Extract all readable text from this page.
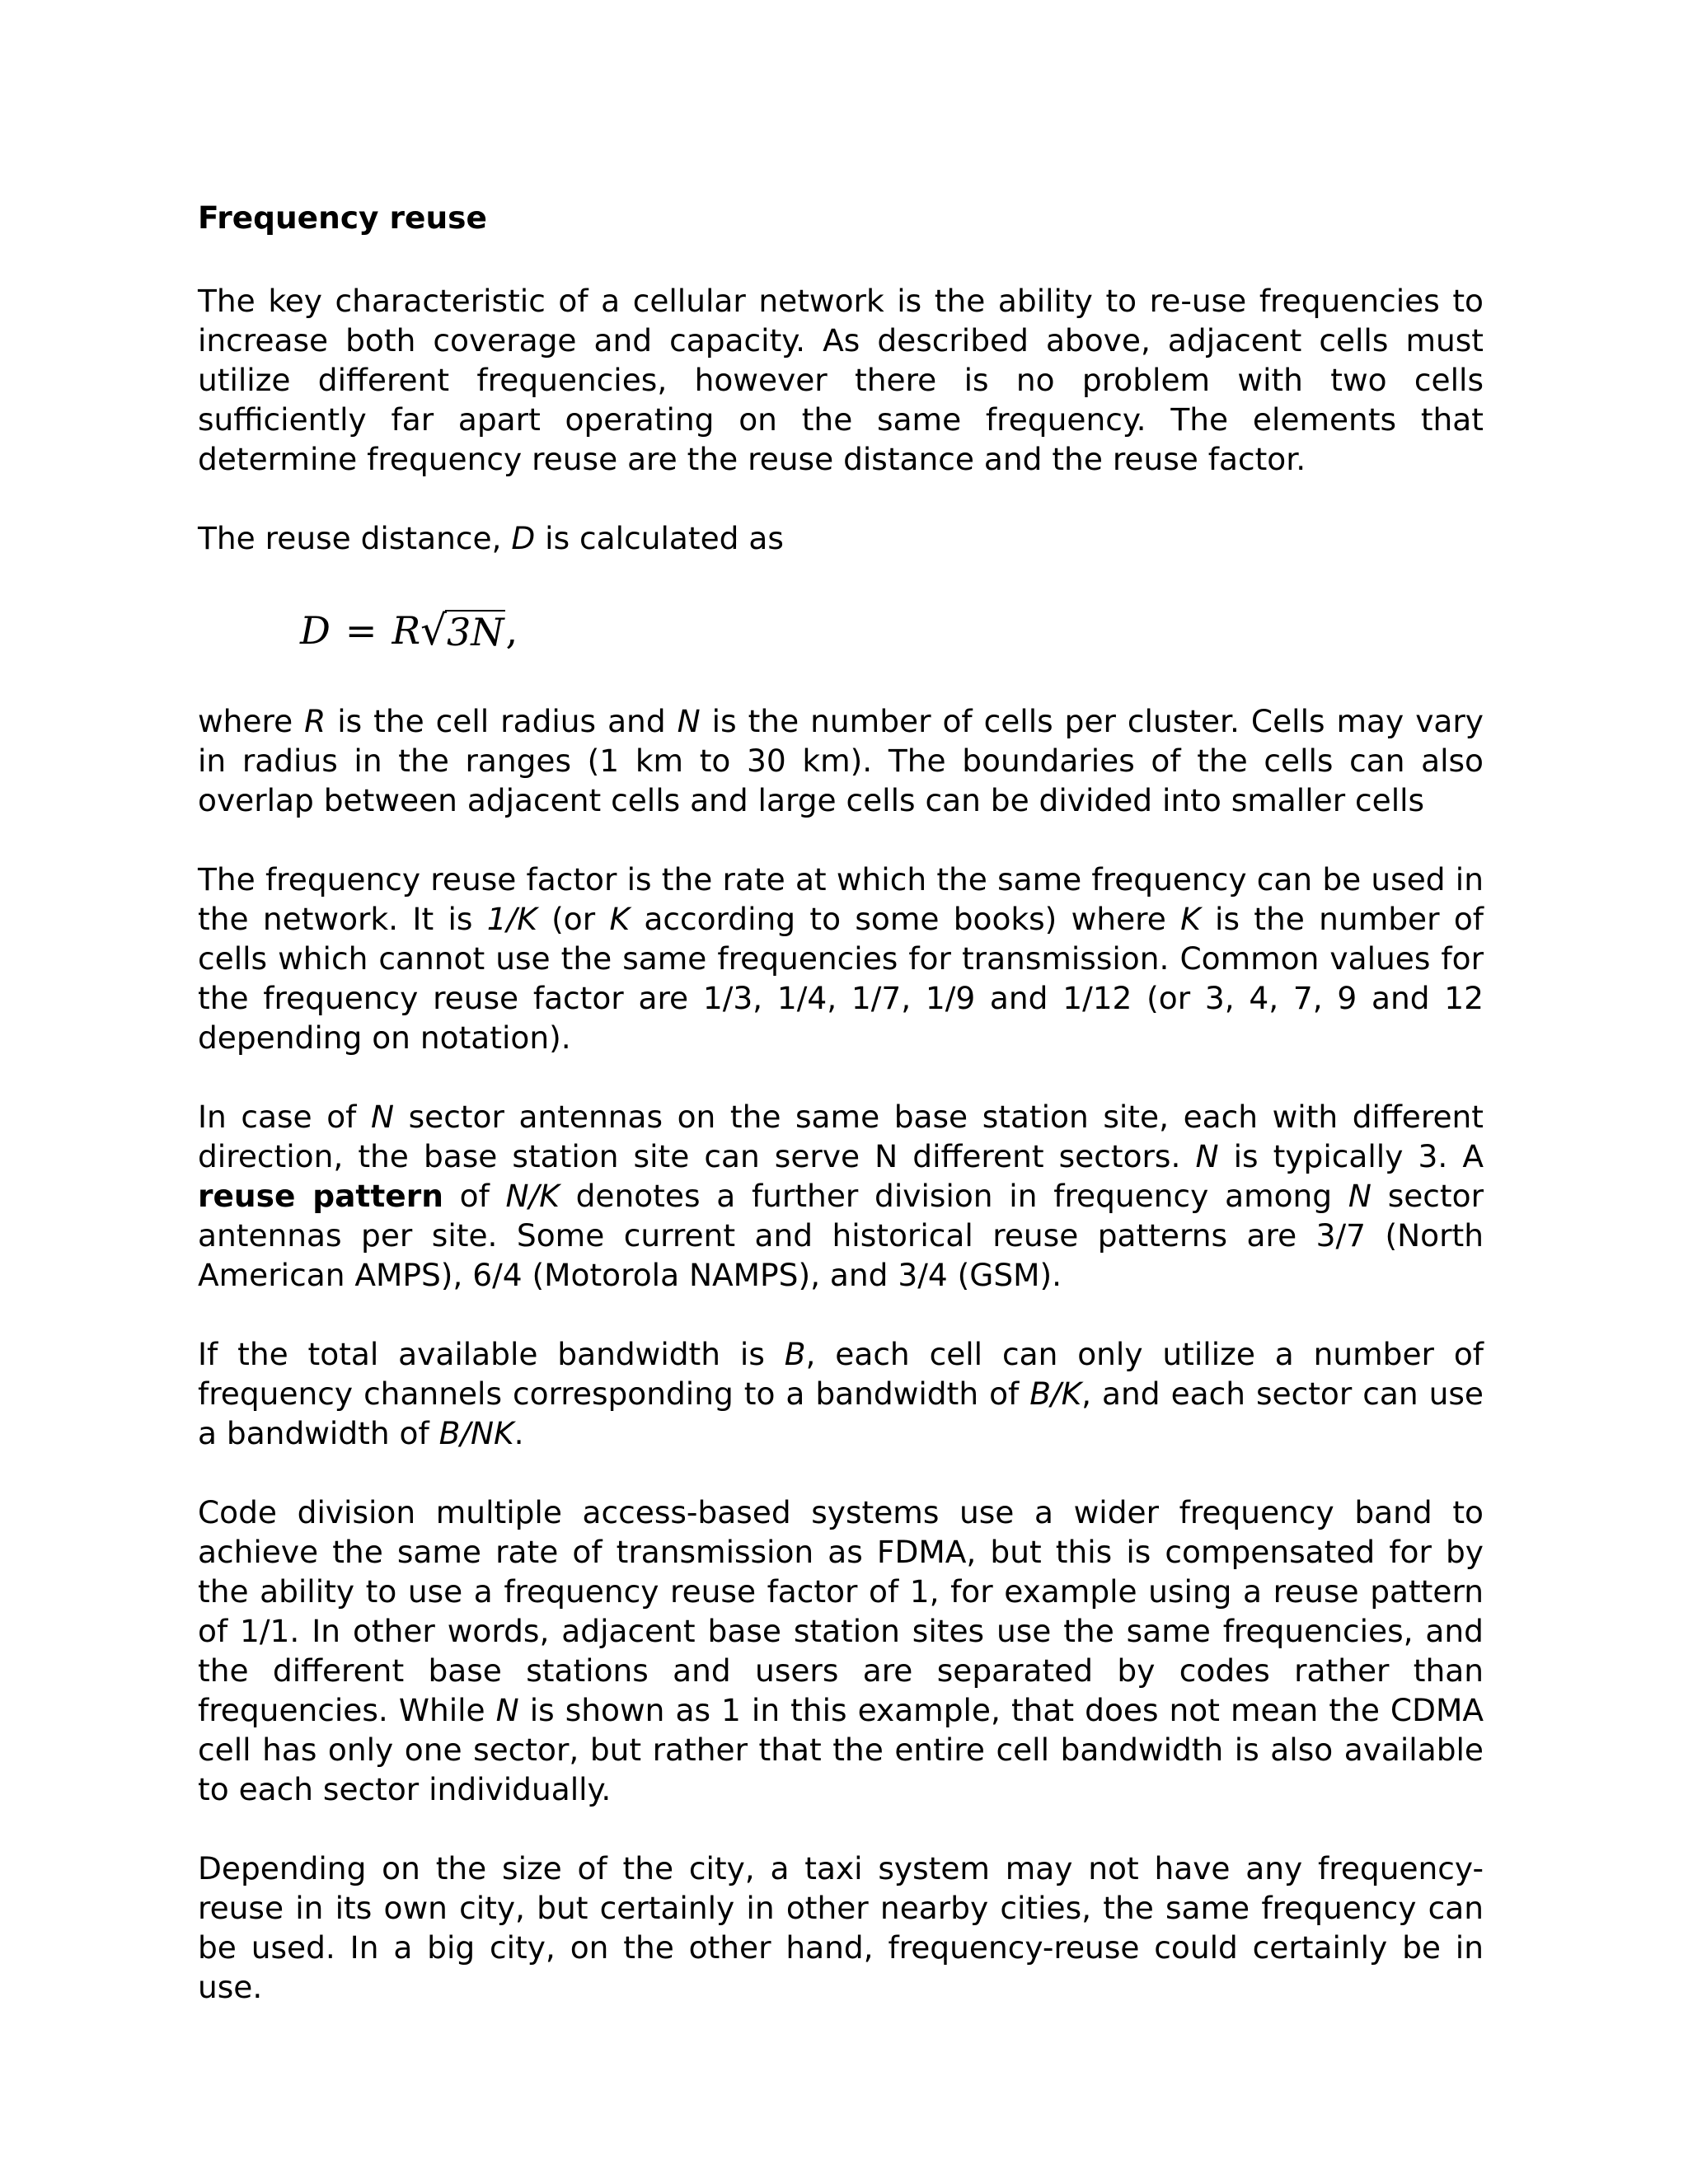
Frequency reuse

The key characteristic of a cellular network is the ability to re-use frequencies to increase both coverage and capacity. As described above, adjacent cells must utilize different frequencies, however there is no problem with two cells sufficiently far apart operating on the same frequency. The elements that determine frequency reuse are the reuse distance and the reuse factor.

The reuse distance, D is calculated as

D = R √ 3N ,

where R is the cell radius and N is the number of cells per cluster. Cells may vary in radius in the ranges (1 km to 30 km). The boundaries of the cells can also overlap between adjacent cells and large cells can be divided into smaller cells

The frequency reuse factor is the rate at which the same frequency can be used in the network. It is 1/K (or K according to some books) where K is the number of cells which cannot use the same frequencies for transmission. Common values for the frequency reuse factor are 1/3, 1/4, 1/7, 1/9 and 1/12 (or 3, 4, 7, 9 and 12 depending on notation).

In case of N sector antennas on the same base station site, each with different direction, the base station site can serve N different sectors. N is typically 3. A reuse pattern of N/K denotes a further division in frequency among N sector antennas per site. Some current and historical reuse patterns are 3/7 (North American AMPS), 6/4 (Motorola NAMPS), and 3/4 (GSM).

If the total available bandwidth is B, each cell can only utilize a number of frequency channels corresponding to a bandwidth of B/K, and each sector can use a bandwidth of B/NK.

Code division multiple access-based systems use a wider frequency band to achieve the same rate of transmission as FDMA, but this is compensated for by the ability to use a frequency reuse factor of 1, for example using a reuse pattern of 1/1. In other words, adjacent base station sites use the same frequencies, and the different base stations and users are separated by codes rather than frequencies. While N is shown as 1 in this example, that does not mean the CDMA cell has only one sector, but rather that the entire cell bandwidth is also available to each sector individually.

Depending on the size of the city, a taxi system may not have any frequency-reuse in its own city, but certainly in other nearby cities, the same frequency can be used. In a big city, on the other hand, frequency-reuse could certainly be in use.
